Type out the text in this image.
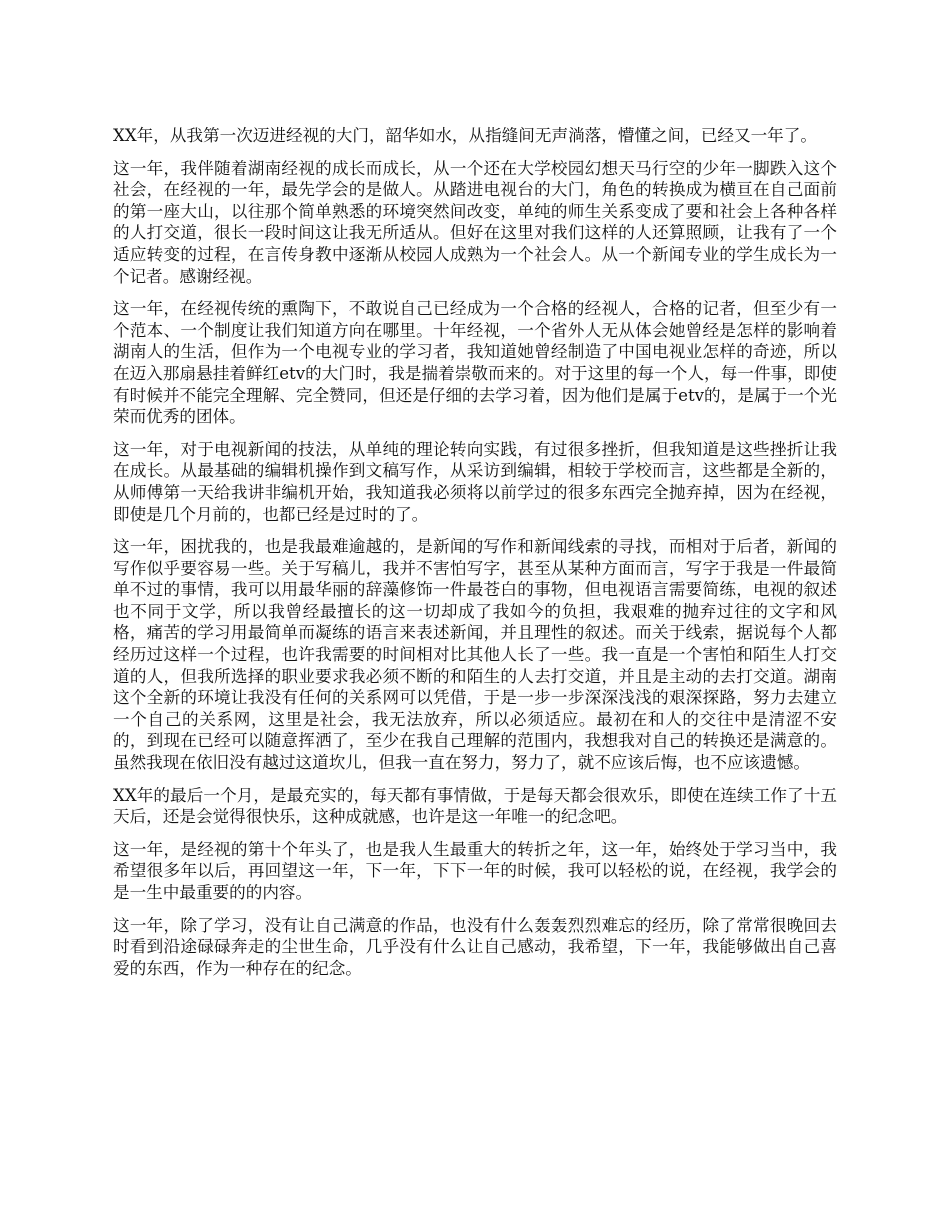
XX年，从我第一次迈进经视的大门，韶华如水，从指缝间无声淌落，懵懂之间，已经又一年了。

这一年，我伴随着湖南经视的成长而成长，从一个还在大学校园幻想天马行空的少年一脚跌入这个社会，在经视的一年，最先学会的是做人。从踏进电视台的大门，角色的转换成为横亘在自己面前的第一座大山，以往那个简单熟悉的环境突然间改变，单纯的师生关系变成了要和社会上各种各样的人打交道，很长一段时间这让我无所适从。但好在这里对我们这样的人还算照顾，让我有了一个适应转变的过程，在言传身教中逐渐从校园人成熟为一个社会人。从一个新闻专业的学生成长为一个记者。感谢经视。

这一年，在经视传统的熏陶下，不敢说自己已经成为一个合格的经视人，合格的记者，但至少有一个范本、一个制度让我们知道方向在哪里。十年经视，一个省外人无从体会她曾经是怎样的影响着湖南人的生活，但作为一个电视专业的学习者，我知道她曾经制造了中国电视业怎样的奇迹，所以在迈入那扇悬挂着鲜红etv的大门时，我是揣着崇敬而来的。对于这里的每一个人，每一件事，即使有时候并不能完全理解、完全赞同，但还是仔细的去学习着，因为他们是属于etv的，是属于一个光荣而优秀的团体。

这一年，对于电视新闻的技法，从单纯的理论转向实践，有过很多挫折，但我知道是这些挫折让我在成长。从最基础的编辑机操作到文稿写作，从采访到编辑，相较于学校而言，这些都是全新的，从师傅第一天给我讲非编机开始，我知道我必须将以前学过的很多东西完全抛弃掉，因为在经视，即使是几个月前的，也都已经是过时的了。

这一年，困扰我的，也是我最难逾越的，是新闻的写作和新闻线索的寻找，而相对于后者，新闻的写作似乎要容易一些。关于写稿儿，我并不害怕写字，甚至从某种方面而言，写字于我是一件最简单不过的事情，我可以用最华丽的辞藻修饰一件最苍白的事物，但电视语言需要简练，电视的叙述也不同于文学，所以我曾经最擅长的这一切却成了我如今的负担，我艰难的抛弃过往的文字和风格，痛苦的学习用最简单而凝练的语言来表述新闻，并且理性的叙述。而关于线索，据说每个人都经历过这样一个过程，也许我需要的时间相对比其他人长了一些。我一直是一个害怕和陌生人打交道的人，但我所选择的职业要求我必须不断的和陌生的人去打交道，并且是主动的去打交道。湖南这个全新的环境让我没有任何的关系网可以凭借，于是一步一步深深浅浅的艰深探路，努力去建立一个自己的关系网，这里是社会，我无法放弃，所以必须适应。最初在和人的交往中是清涩不安的，到现在已经可以随意挥洒了，至少在我自己理解的范围内，我想我对自己的转换还是满意的。虽然我现在依旧没有越过这道坎儿，但我一直在努力，努力了，就不应该后悔，也不应该遗憾。

XX年的最后一个月，是最充实的，每天都有事情做，于是每天都会很欢乐，即使在连续工作了十五天后，还是会觉得很快乐，这种成就感，也许是这一年唯一的纪念吧。

这一年，是经视的第十个年头了，也是我人生最重大的转折之年，这一年，始终处于学习当中，我希望很多年以后，再回望这一年，下一年，下下一年的时候，我可以轻松的说，在经视，我学会的是一生中最重要的的内容。

这一年，除了学习，没有让自己满意的作品，也没有什么轰轰烈烈难忘的经历，除了常常很晚回去时看到沿途碌碌奔走的尘世生命，几乎没有什么让自己感动，我希望，下一年，我能够做出自己喜爱的东西，作为一种存在的纪念。
